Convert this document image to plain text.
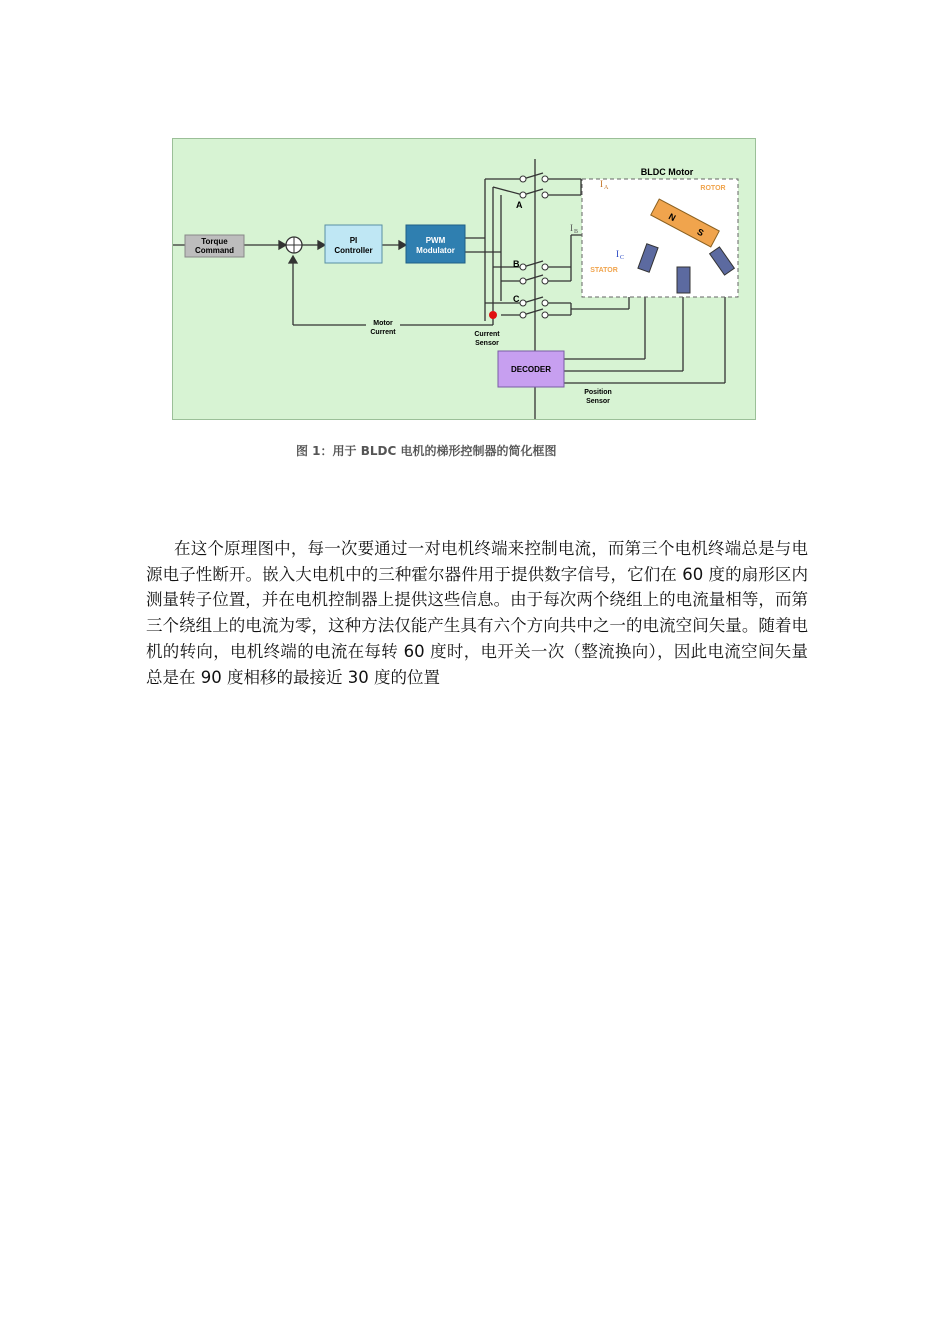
Torque
Command
PI
Controller
PWM
Modulator
DECODER
BLDC Motor
ROTOR
STATOR
N
S
I A
I B
I C
A
B
C
Motor
Current	Current
Sensor
Position
Sensor
图 1：用于 BLDC 电机的梯形控制器的简化框图
在这个原理图中，每一次要通过一对电机终端来控制电流，而第三个电机终端总是与电源电子性断开。嵌入大电机中的三种霍尔器件用于提供数字信号，它们在 60 度的扇形区内测量转子位置，并在电机控制器上提供这些信息。由于每次两个绕组上的电流量相等，而第三个绕组上的电流为零，这种方法仅能产生具有六个方向共中之一的电流空间矢量。随着电机的转向，电机终端的电流在每转 60 度时，电开关一次（整流换向），因此电流空间矢量总是在 90 度相移的最接近 30 度的位置
